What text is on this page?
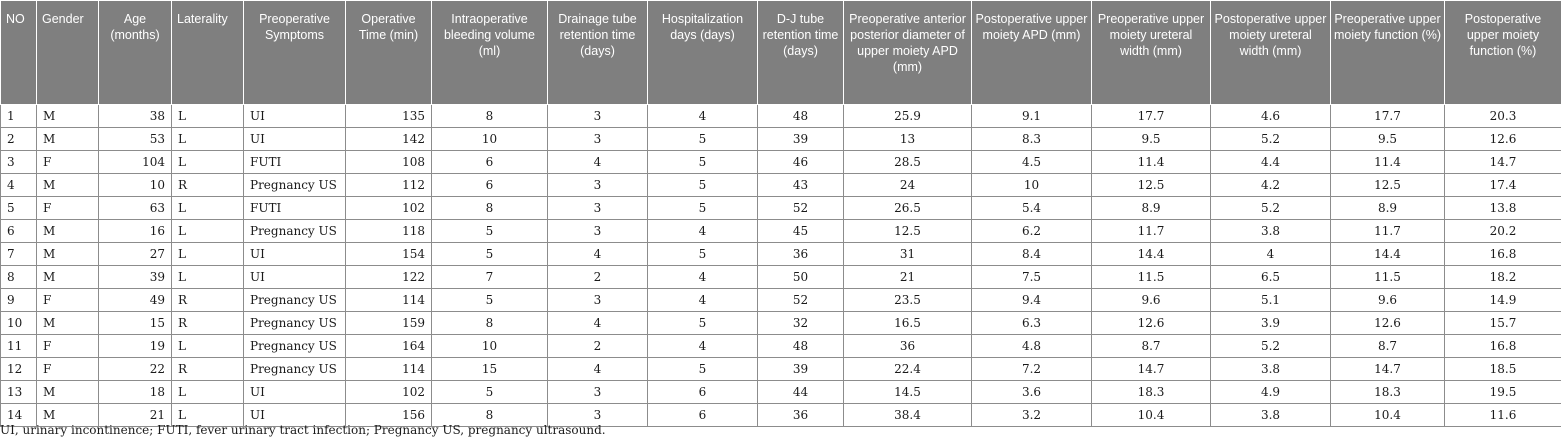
NO	Gender	Age (months)	Laterality	Preoperative Symptoms	Operative Time (min)	Intraoperative bleeding volume (ml)	Drainage tube retention time (days)	Hospitalization days (days)	D-J tube retention time (days)	Preoperative anterior posterior diameter of upper moiety APD (mm)	Postoperative upper moiety APD (mm)	Preoperative upper moiety ureteral width (mm)	Postoperative upper moiety ureteral width (mm)	Preoperative upper moiety function (%)	Postoperative upper moiety function (%)
1	M	38	L	UI	135	8	3	4	48	25.9	9.1	17.7	4.6	17.7	20.3
2	M	53	L	UI	142	10	3	5	39	13	8.3	9.5	5.2	9.5	12.6
3	F	104	L	FUTI	108	6	4	5	46	28.5	4.5	11.4	4.4	11.4	14.7
4	M	10	R	Pregnancy US	112	6	3	5	43	24	10	12.5	4.2	12.5	17.4
5	F	63	L	FUTI	102	8	3	5	52	26.5	5.4	8.9	5.2	8.9	13.8
6	M	16	L	Pregnancy US	118	5	3	4	45	12.5	6.2	11.7	3.8	11.7	20.2
7	M	27	L	UI	154	5	4	5	36	31	8.4	14.4	4	14.4	16.8
8	M	39	L	UI	122	7	2	4	50	21	7.5	11.5	6.5	11.5	18.2
9	F	49	R	Pregnancy US	114	5	3	4	52	23.5	9.4	9.6	5.1	9.6	14.9
10	M	15	R	Pregnancy US	159	8	4	5	32	16.5	6.3	12.6	3.9	12.6	15.7
11	F	19	L	Pregnancy US	164	10	2	4	48	36	4.8	8.7	5.2	8.7	16.8
12	F	22	R	Pregnancy US	114	15	4	5	39	22.4	7.2	14.7	3.8	14.7	18.5
13	M	18	L	UI	102	5	3	6	44	14.5	3.6	18.3	4.9	18.3	19.5
14	M	21	L	UI	156	8	3	6	36	38.4	3.2	10.4	3.8	10.4	11.6
UI, urinary incontinence; FUTI, fever urinary tract infection; Pregnancy US, pregnancy ultrasound.
